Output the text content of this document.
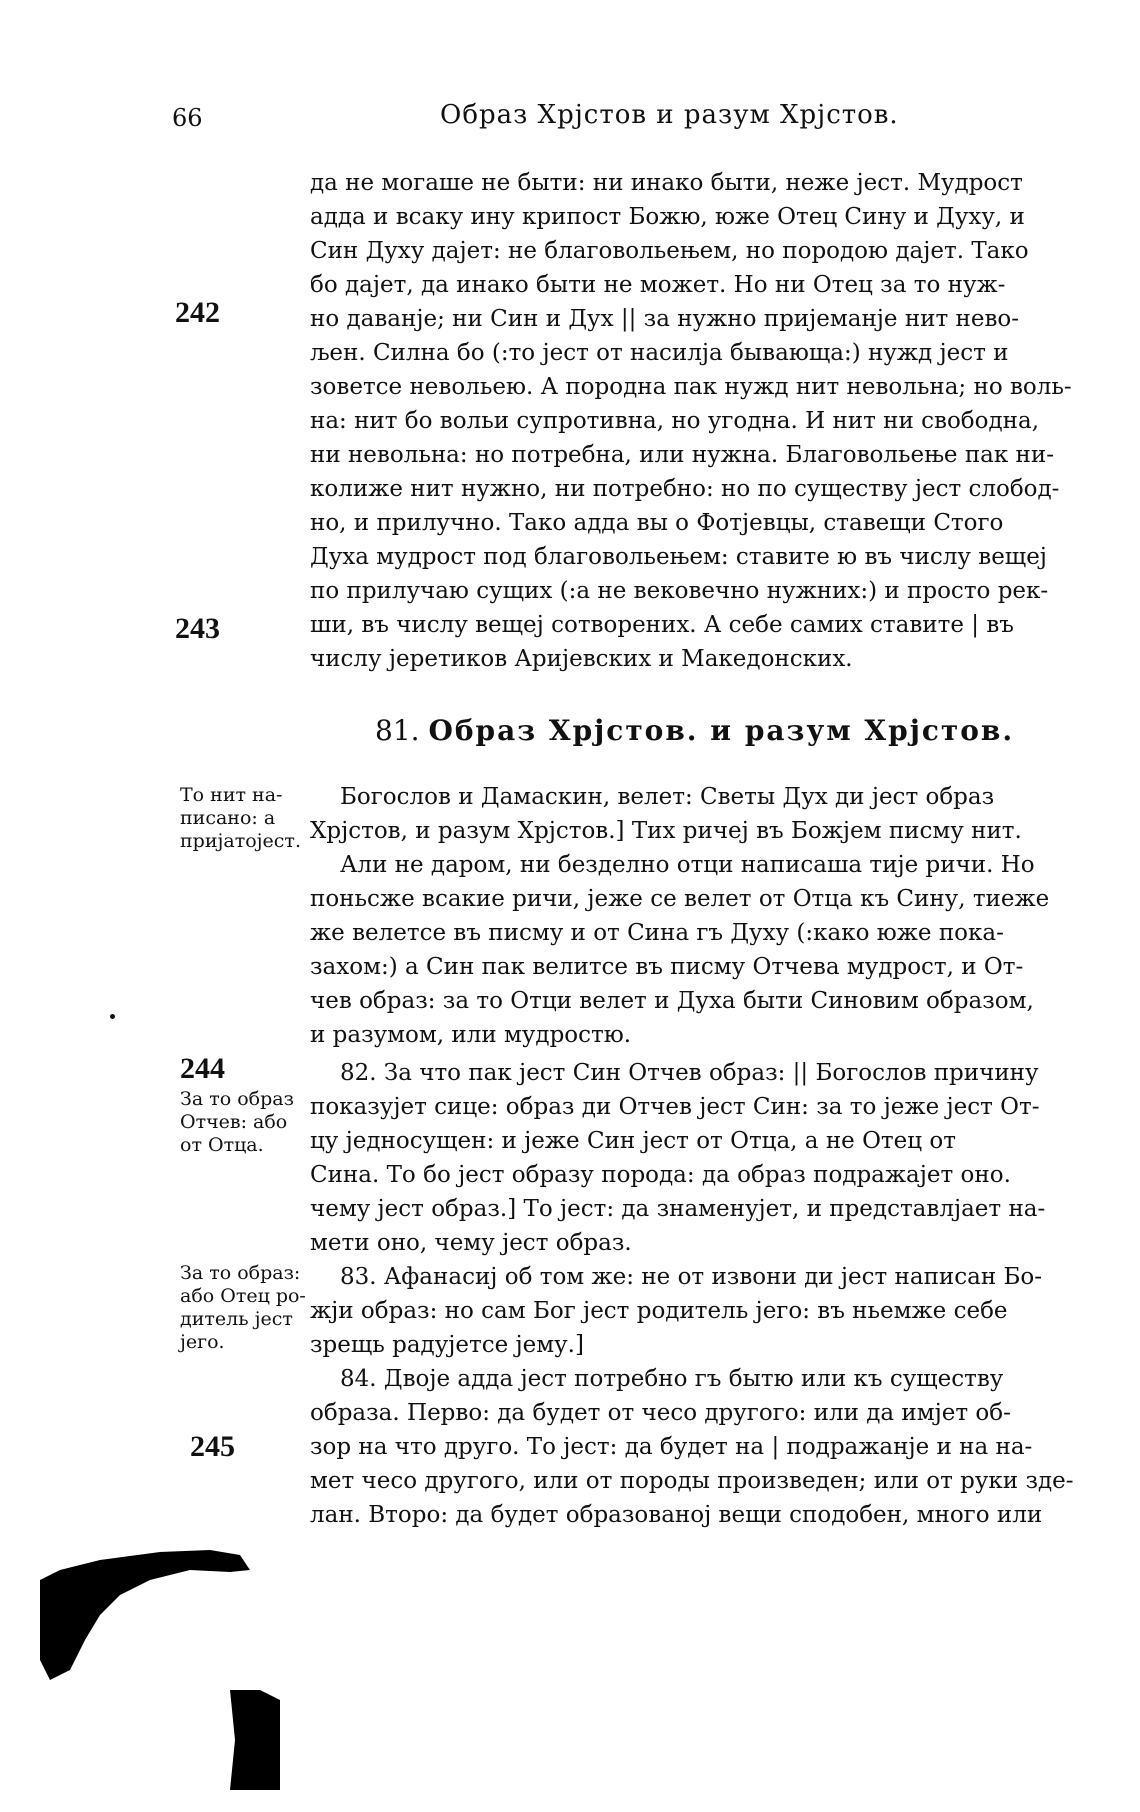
66	Образ Хрјстов и разум Хрјстов.
да не могаше не быти: ни инако быти, неже јест. Мудрост
адда и всаку ину крипост Божю, юже Отец Сину и Духу, и
Син Духу дајет: не благовольењем, но породою дајет. Тако
бо дајет, да инако быти не может. Но ни Отец за то нуж-
но даванје; ни Син и Дух || за нужно пријеманје нит нево-
љен. Силна бо (:то јест от насилја бывающа:) нужд јест и
зоветсе невольею. А породна пак нужд нит невольна; но воль-
на: нит бо вольи супротивна, но угодна. И нит ни свободна,
ни невольна: но потребна, или нужна. Благовольење пак ни-
колиже нит нужно, ни потребно: но по существу јест слобод-
но, и прилучно. Тако адда вы о Фотјевцы, ставещи Стого
Духа мудрост под благовольењем: ставите ю въ числу вещеј
по прилучаю сущих (:а не вековечно нужних:) и просто рек-
ши, въ числу вещеј сотворених. А себе самих ставите | въ
числу јеретиков Аријевских и Македонских.
242
243
81. Образ Хрјстов. и разум Хрјстов.
То нит на-
писано: а
пријатојест.
Богослов и Дамаскин, велет: Светы Дух ди јест образ
Хрјстов, и разум Хрјстов.] Тих ричеј въ Божјем писму нит.
Али не даром, ни безделно отци написаша тије ричи. Но
поньсже всакие ричи, јеже се велет от Отца къ Сину, тиеже
же велетсе въ писму и от Сина гъ Духу (:како юже пока-
захом:) а Син пак велитсе въ писму Отчева мудрост, и От-
чев образ: за то Отци велет и Духа быти Синовим образом,
и разумом, или мудростю.
244
За то образ
Отчев: або
от Отца.
82. За что пак јест Син Отчев образ: || Богослов причину
показујет сице: образ ди Отчев јест Син: за то јеже јест От-
цу једносущен: и јеже Син јест от Отца, а не Отец от
Сина. То бо јест образу порода: да образ подражајет оно.
чему јест образ.] То јест: да знаменујет, и представлјает на-
мети оно, чему јест образ.
За то образ:
або Отец ро-
дитель јест
јего.
83. Афанасиј об том же: не от извони ди јест написан Бо-
жји образ: но сам Бог јест родитель јего: въ ньемже себе
зрещь радујетсе јему.]
245
84. Двоје адда јест потребно гъ бытю или къ существу
образа. Перво: да будет от чесо другого: или да имјет об-
зор на что друго. То јест: да будет на | подражанје и на на-
мет чесо другого, или от породы произведен; или от руки зде-
лан. Второ: да будет образованој вещи сподобен, много или
